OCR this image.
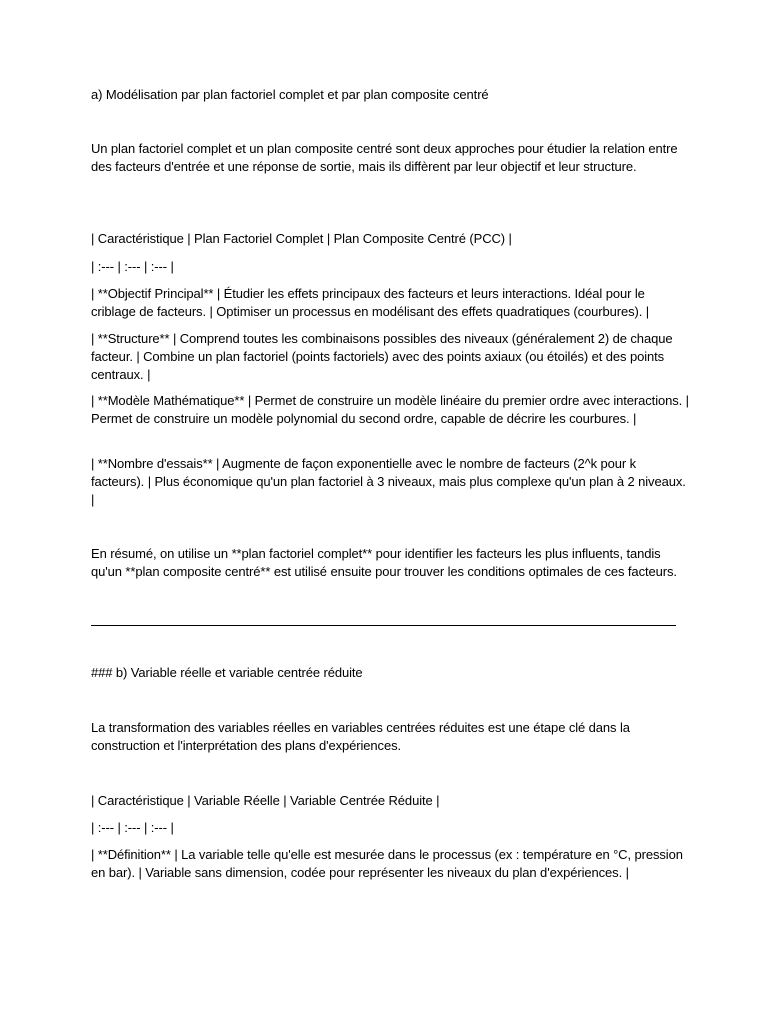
a) Modélisation par plan factoriel complet et par plan composite centré

Un plan factoriel complet et un plan composite centré sont deux approches pour étudier la relation entre des facteurs d'entrée et une réponse de sortie, mais ils diffèrent par leur objectif et leur structure.

| Caractéristique | Plan Factoriel Complet | Plan Composite Centré (PCC) |

| :--- | :--- | :--- |

| **Objectif Principal** | Étudier les effets principaux des facteurs et leurs interactions. Idéal pour le criblage de facteurs. | Optimiser un processus en modélisant des effets quadratiques (courbures). |

| **Structure** | Comprend toutes les combinaisons possibles des niveaux (généralement 2) de chaque facteur. | Combine un plan factoriel (points factoriels) avec des points axiaux (ou étoilés) et des points centraux. |

| **Modèle Mathématique** | Permet de construire un modèle linéaire du premier ordre avec interactions. | Permet de construire un modèle polynomial du second ordre, capable de décrire les courbures. |

| **Nombre d'essais** | Augmente de façon exponentielle avec le nombre de facteurs (2^k pour k facteurs). | Plus économique qu'un plan factoriel à 3 niveaux, mais plus complexe qu'un plan à 2 niveaux. |

En résumé, on utilise un **plan factoriel complet** pour identifier les facteurs les plus influents, tandis qu'un **plan composite centré** est utilisé ensuite pour trouver les conditions optimales de ces facteurs.

### b) Variable réelle et variable centrée réduite

La transformation des variables réelles en variables centrées réduites est une étape clé dans la construction et l'interprétation des plans d'expériences.

| Caractéristique | Variable Réelle | Variable Centrée Réduite |

| :--- | :--- | :--- |

| **Définition** | La variable telle qu'elle est mesurée dans le processus (ex : température en °C, pression en bar). | Variable sans dimension, codée pour représenter les niveaux du plan d'expériences. |
